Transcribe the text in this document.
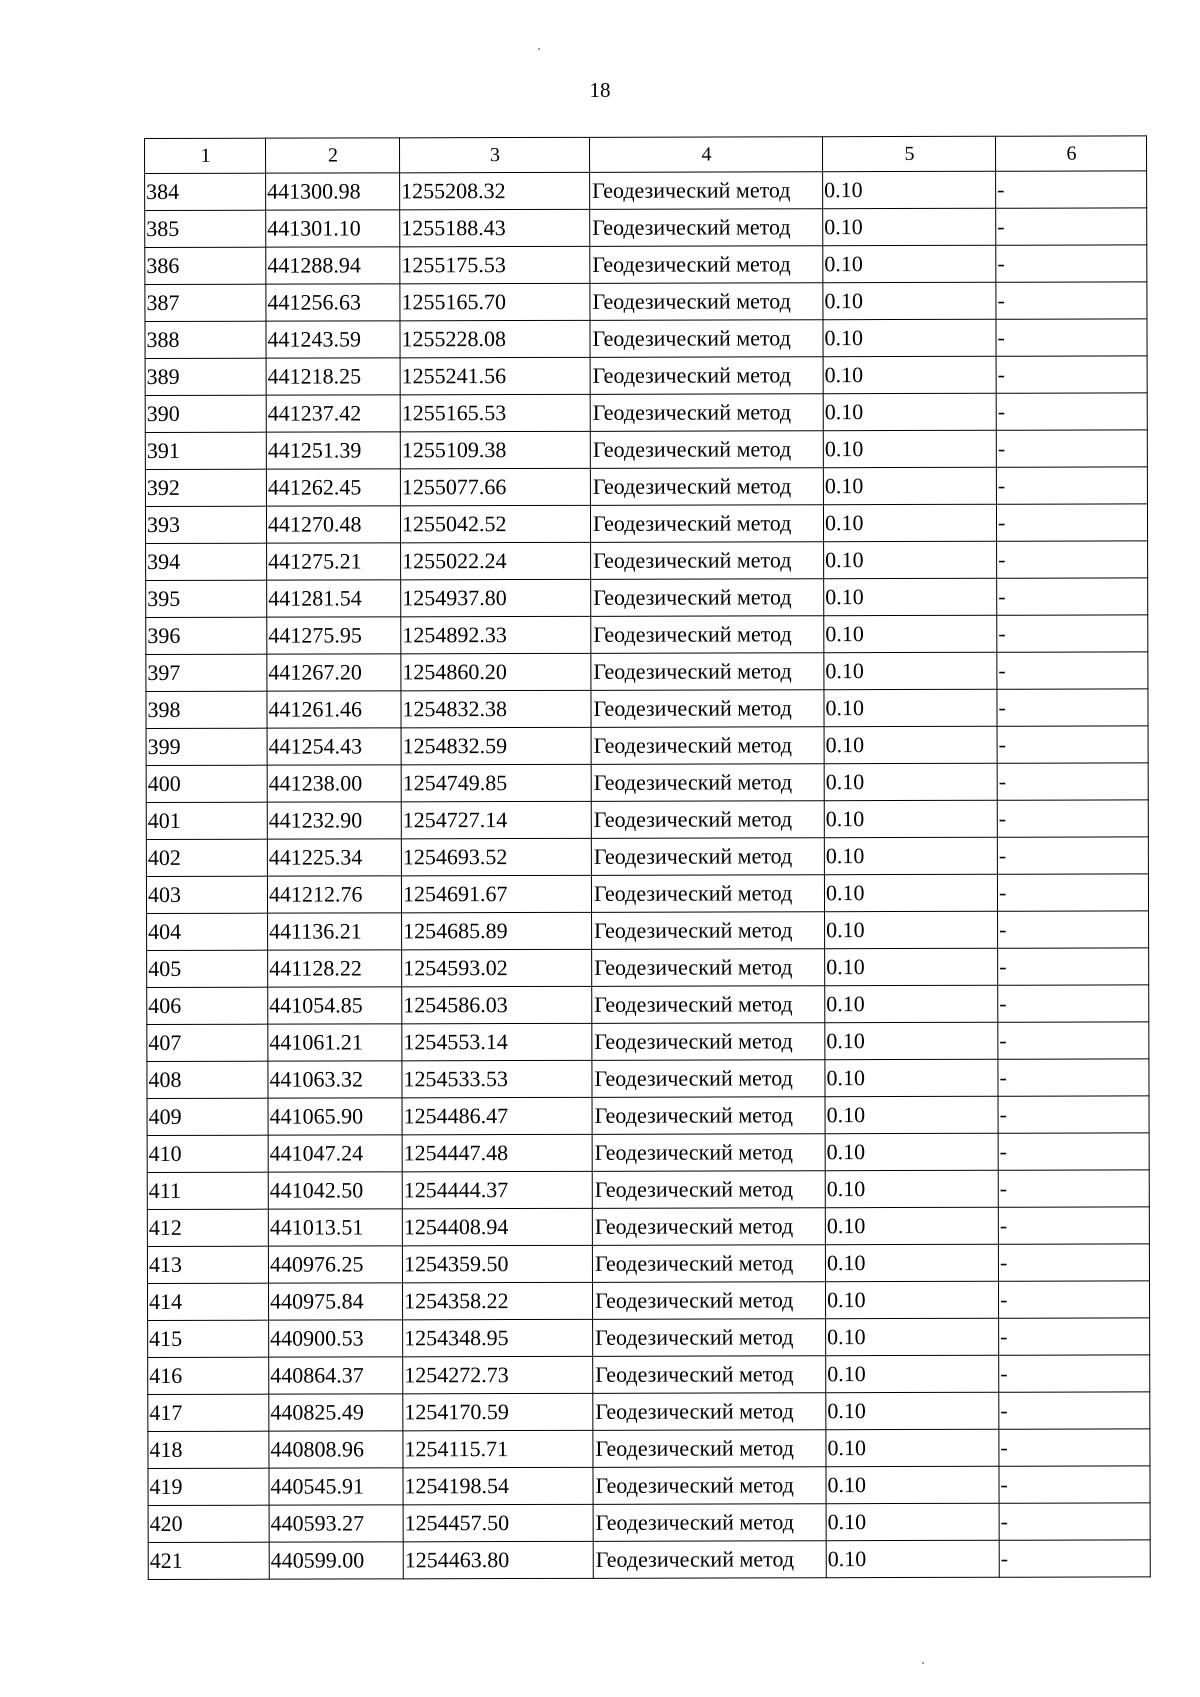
18
1	2	3	4	5	6
384	441300.98	1255208.32	Геодезический метод	0.10	-
385	441301.10	1255188.43	Геодезический метод	0.10	-
386	441288.94	1255175.53	Геодезический метод	0.10	-
387	441256.63	1255165.70	Геодезический метод	0.10	-
388	441243.59	1255228.08	Геодезический метод	0.10	-
389	441218.25	1255241.56	Геодезический метод	0.10	-
390	441237.42	1255165.53	Геодезический метод	0.10	-
391	441251.39	1255109.38	Геодезический метод	0.10	-
392	441262.45	1255077.66	Геодезический метод	0.10	-
393	441270.48	1255042.52	Геодезический метод	0.10	-
394	441275.21	1255022.24	Геодезический метод	0.10	-
395	441281.54	1254937.80	Геодезический метод	0.10	-
396	441275.95	1254892.33	Геодезический метод	0.10	-
397	441267.20	1254860.20	Геодезический метод	0.10	-
398	441261.46	1254832.38	Геодезический метод	0.10	-
399	441254.43	1254832.59	Геодезический метод	0.10	-
400	441238.00	1254749.85	Геодезический метод	0.10	-
401	441232.90	1254727.14	Геодезический метод	0.10	-
402	441225.34	1254693.52	Геодезический метод	0.10	-
403	441212.76	1254691.67	Геодезический метод	0.10	-
404	441136.21	1254685.89	Геодезический метод	0.10	-
405	441128.22	1254593.02	Геодезический метод	0.10	-
406	441054.85	1254586.03	Геодезический метод	0.10	-
407	441061.21	1254553.14	Геодезический метод	0.10	-
408	441063.32	1254533.53	Геодезический метод	0.10	-
409	441065.90	1254486.47	Геодезический метод	0.10	-
410	441047.24	1254447.48	Геодезический метод	0.10	-
411	441042.50	1254444.37	Геодезический метод	0.10	-
412	441013.51	1254408.94	Геодезический метод	0.10	-
413	440976.25	1254359.50	Геодезический метод	0.10	-
414	440975.84	1254358.22	Геодезический метод	0.10	-
415	440900.53	1254348.95	Геодезический метод	0.10	-
416	440864.37	1254272.73	Геодезический метод	0.10	-
417	440825.49	1254170.59	Геодезический метод	0.10	-
418	440808.96	1254115.71	Геодезический метод	0.10	-
419	440545.91	1254198.54	Геодезический метод	0.10	-
420	440593.27	1254457.50	Геодезический метод	0.10	-
421	440599.00	1254463.80	Геодезический метод	0.10	-
